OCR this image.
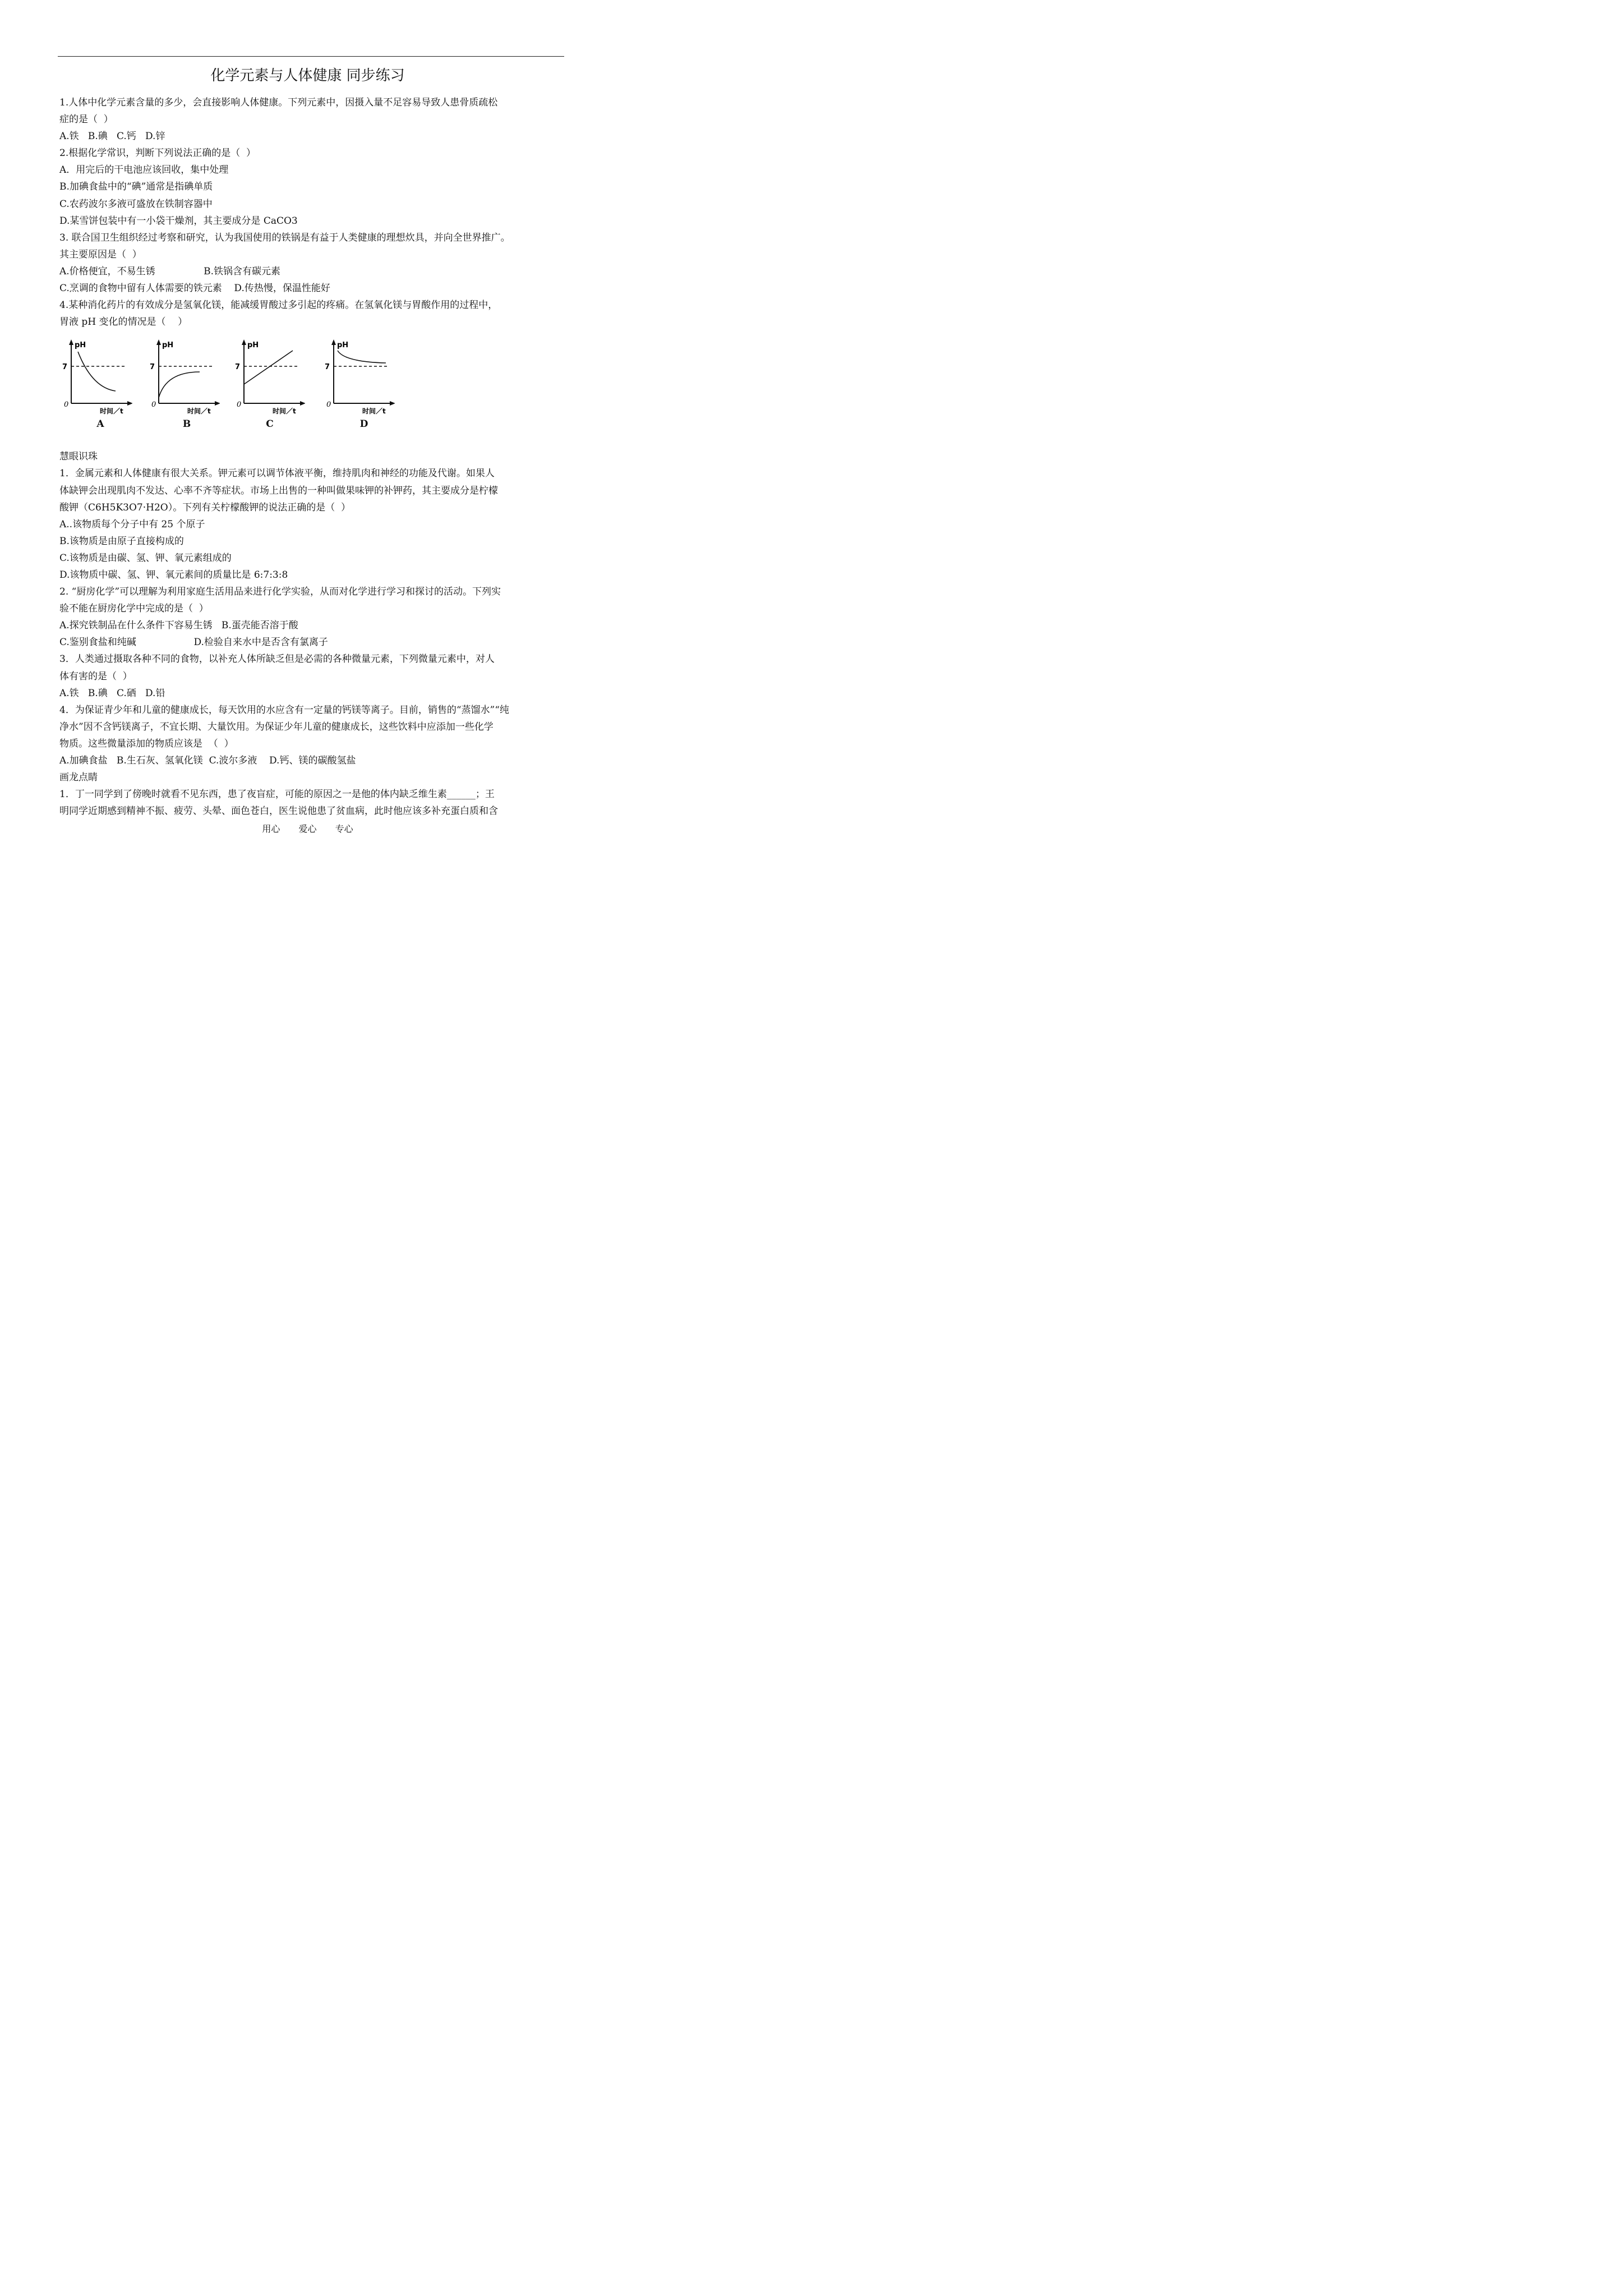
化学元素与人体健康 同步练习

1.人体中化学元素含量的多少，会直接影响人体健康。下列元素中，因摄入量不足容易导致人患骨质疏松

症的是（  ）

A.铁   B.碘   C.钙   D.锌

2.根据化学常识，判断下列说法正确的是（  ）

A．用完后的干电池应该回收，集中处理

B.加碘食盐中的“碘”通常是指碘单质

C.农药波尔多液可盛放在铁制容器中

D.某雪饼包装中有一小袋干燥剂，其主要成分是 CaCO3

3. 联合国卫生组织经过考察和研究，认为我国使用的铁锅是有益于人类健康的理想炊具，并向全世界推广。

其主要原因是（  ）

A.价格便宜，不易生锈                B.铁锅含有碳元素

C.烹调的食物中留有人体需要的铁元素    D.传热慢，保温性能好

4.某种消化药片的有效成分是氢氧化镁，能减缓胃酸过多引起的疼痛。在氢氧化镁与胃酸作用的过程中，

胃液 pH 变化的情况是（    ）

pH
7
0
时间／t
A
pH
7
0
时间／t
B
pH
7
0
时间／t
C
pH
7
0
时间／t
D

慧眼识珠

1．金属元素和人体健康有很大关系。钾元素可以调节体液平衡，维持肌肉和神经的功能及代谢。如果人

体缺钾会出现肌肉不发达、心率不齐等症状。市场上出售的一种叫做果味钾的补钾药，其主要成分是柠檬

酸钾（C6H5K3O7·H2O）。下列有关柠檬酸钾的说法正确的是（  ）

A..该物质每个分子中有 25 个原子

B.该物质是由原子直接构成的

C.该物质是由碳、氢、钾、氧元素组成的

D.该物质中碳、氢、钾、氧元素间的质量比是 6:7:3:8

2. “厨房化学”可以理解为利用家庭生活用品来进行化学实验，从而对化学进行学习和探讨的活动。下列实

验不能在厨房化学中完成的是（  ）

A.探究铁制品在什么条件下容易生锈   B.蛋壳能否溶于酸

C.鉴别食盐和纯碱                   D.检验自来水中是否含有氯离子

3．人类通过摄取各种不同的食物，以补充人体所缺乏但是必需的各种微量元素，下列微量元素中，对人

体有害的是（  ）

A.铁   B.碘   C.硒   D.铅

4．为保证青少年和儿童的健康成长，每天饮用的水应含有一定量的钙镁等离子。目前，销售的“蒸馏水”“纯

净水”因不含钙镁离子，不宜长期、大量饮用。为保证少年儿童的健康成长，这些饮料中应添加一些化学

物质。这些微量添加的物质应该是  （  ）

A.加碘食盐   B.生石灰、氢氧化镁  C.波尔多液    D.钙、镁的碳酸氢盐

画龙点睛

1．丁一同学到了傍晚时就看不见东西，患了夜盲症，可能的原因之一是他的体内缺乏维生素______；王

明同学近期感到精神不振、疲劳、头晕、面色苍白，医生说他患了贫血病，此时他应该多补充蛋白质和含

用心 爱心 专心
